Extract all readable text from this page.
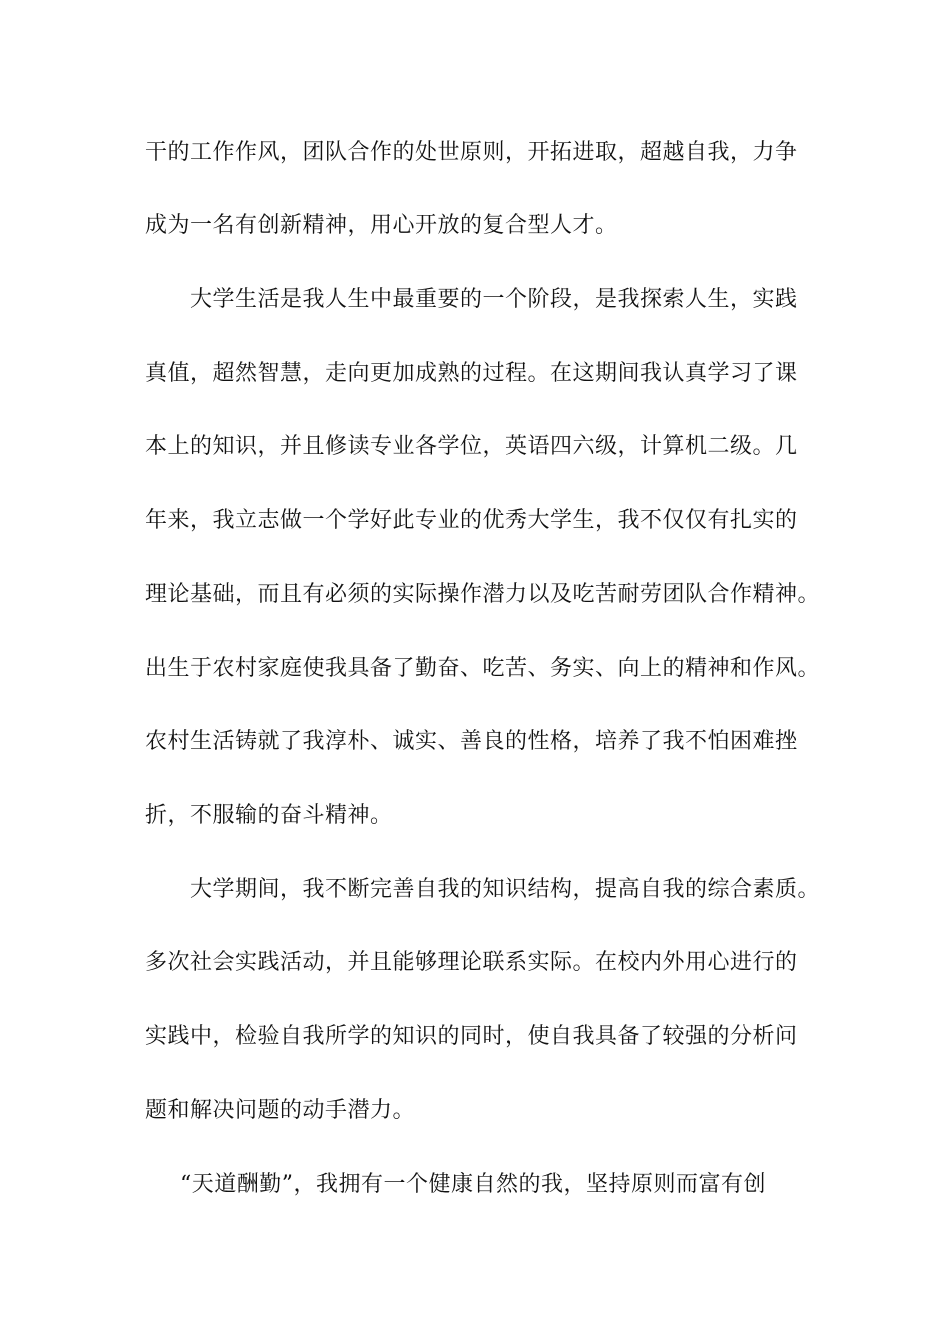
干的工作作风，团队合作的处世原则，开拓进取，超越自我，力争
成为一名有创新精神，用心开放的复合型人才。
大学生活是我人生中最重要的一个阶段，是我探索人生，实践
真值，超然智慧，走向更加成熟的过程。在这期间我认真学习了课
本上的知识，并且修读专业各学位，英语四六级，计算机二级。几
年来，我立志做一个学好此专业的优秀大学生，我不仅仅有扎实的
理论基础，而且有必须的实际操作潜力以及吃苦耐劳团队合作精神。
出生于农村家庭使我具备了勤奋、吃苦、务实、向上的精神和作风。
农村生活铸就了我淳朴、诚实、善良的性格，培养了我不怕困难挫
折，不服输的奋斗精神。
大学期间，我不断完善自我的知识结构，提高自我的综合素质。
多次社会实践活动，并且能够理论联系实际。在校内外用心进行的
实践中，检验自我所学的知识的同时，使自我具备了较强的分析问
题和解决问题的动手潜力。
“天道酬勤”，我拥有一个健康自然的我，坚持原则而富有创
